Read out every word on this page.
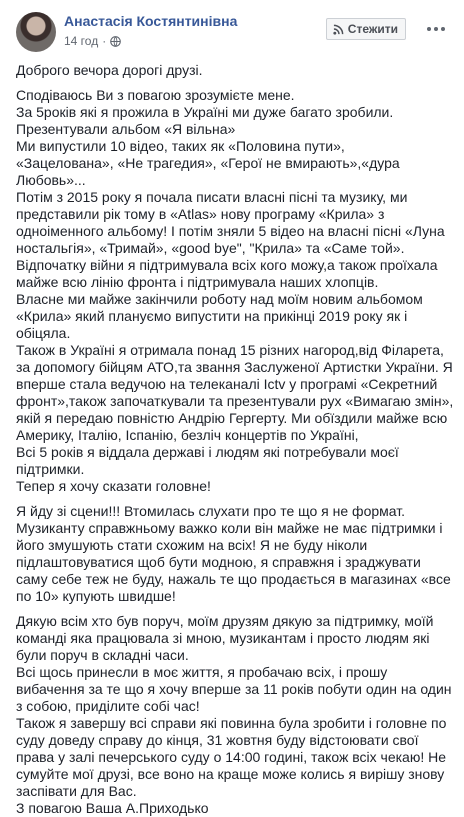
Анастасія Костянтинівна
14 год ·
Стежити

Доброго вечора дорогі друзі.

Сподіваюсь Ви з повагою зрозумієте мене.

За 5років які я прожила в Україні ми дуже багато зробили. Презентували альбом «Я вільна»

Ми випустили 10 відео, таких як «Половина пути»,

«Зацелована», «Не трагедия», «Герої не вмирають»,«дура Любовь»...

Потім з 2015 року я почала писати власні пісні та музику, ми представили рік тому в «Atlas» нову програму «Крила» з одноіменного альбому! І потім зняли 5 відео на власні пісні «Луна ностальгія», «Тримай», «good bye", "Крила» та «Саме той».

Відпочатку війни я підтримувала всіх кого можу,а також проїхала майже всю лінію фронта і підтримувала наших хлопців.

Власне ми майже закінчили роботу над моїм новим альбомом «Крила» який плануємо випустити на прикінці 2019 року як і обіцяла.

Також в Україні я отримала понад 15 різних нагород,від Філарета, за допомогу бійцям АТО,та звання Заслуженої Артистки України. Я вперше стала ведучою на телеканалі Ictv у програмі «Секретний фронт»,також започаткували та презентували рух «Вимагаю змін», якій я передаю повністю Андрію Гергерту. Ми обїздили майже всю Америку, Італію, Іспанію, безліч концертів по Україні,

Всі 5 років я віддала державі і людям які потребували моєї підтримки.

Тепер я хочу сказати головне!

Я йду зі сцени!!! Втомилась слухати про те що я не формат. Музиканту справжньому важко коли він майже не має підтримки і його змушують стати схожим на всіх! Я не буду ніколи підлаштовуватися щоб бути модною, я справжня і зраджувати саму себе теж не буду, нажаль те що продається в магазинах «все по 10» купують швидше!

Дякую всім хто був поруч, моїм друзям дякую за підтримку, моїй команді яка працювала зі мною, музикантам і просто людям які були поруч в складні часи.

Всі щось принесли в моє життя, я пробачаю всіх, і прошу вибачення за те що я хочу вперше за 11 років побути один на один з собою, приділите собі час!

Також я завершу всі справи які повинна була зробити і головне по суду доведу справу до кінця, 31 жовтня буду відстоювати свої права у залі печерського суду о 14:00 годині, також всіх чекаю! Не сумуйте мої друзі, все воно на краще може колись я вирішу знову заспівати для Вас.

З повагою Ваша А.Приходько
